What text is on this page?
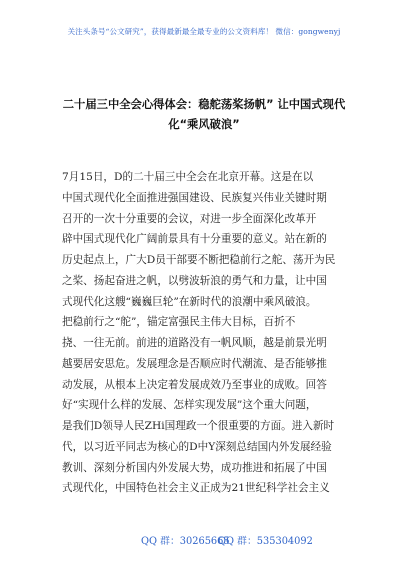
关注头条号“公文研究”，获得最新最全最专业的公文资料库！ 微信：gongwenyj
二十届三中全会心得体会：稳舵荡桨扬帆” 让中国式现代
化“乘风破浪”
7月15日，D的二十届三中全会在北京开幕。这是在以
中国式现代化全面推进强国建设、民族复兴伟业关键时期
召开的一次十分重要的会议，对进一步全面深化改革开
辟中国式现代化广阔前景具有十分重要的意义。站在新的
历史起点上，广大D员干部要不断把稳前行之舵、荡开为民
之桨、扬起奋进之帆，以劈波斩浪的勇气和力量，让中国
式现代化这艘“巍巍巨轮”在新时代的浪潮中乘风破浪。
把稳前行之“舵”，锚定富强民主伟大目标，百折不
挠、一往无前。前进的道路没有一帆风顺，越是前景光明
越要居安思危。发展理念是否顺应时代潮流、是否能够推
动发展，从根本上决定着发展成效乃至事业的成败。回答
好“实现什么样的发展、怎样实现发展”这个重大问题，
是我们D领导人民ZHi国理政一个很重要的方面。进入新时
代，以习近平同志为核心的D中Y深刻总结国内外发展经验
教训、深刻分析国内外发展大势，成功推进和拓展了中国
式现代化，中国特色社会主义正成为21世纪科学社会主义
QQ 群：30265665
QQ 群：535304092
